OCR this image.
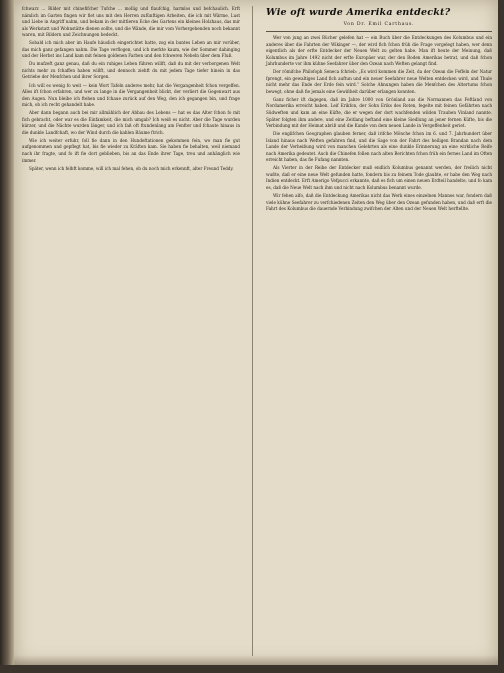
fchwarz … Bilder mit chinefifcher Tufche … mollig und flaufchig, harmlos und befchaulich. Erft nämlich im Garten fingen wir fiet uns mit den Herren zufünftigen Arbeiten, die ich mit Wärme, Lust und Liebe in Angriff nahm, und bekam in der mittleren Ecke des Gartens ein kleines Holzhaus, das mir als Werkstatt und Wohnstätte dienen sollte, und die Wände, die mir vom Vorhergehenden noch bekannt waren, mit Bildern und Zeichnungen bedeckt.

Sobald ich mich aber im Haufe häuslich eingerichtet hatte, zog ein buntes Leben an mir vorüber, das mich ganz gefangen nahm. Die Tage verflogen, und ich merkte kaum, wie der Sommer dahinging und der Herbst ins Land kam mit feinen goldenen Farben und den fchweren Nebeln über dem Fluß.

Du mufzeft ganz genau, daß du ein ruhiges Leben führen willft, daß du mit der verborgenen Welt nichts mehr zu fchaffen haben willft, und dennoch ziehft du mit jedem Tage tiefer hinein in das Getriebe der Menfchen und ihrer Sorgen.

Ich will es wenig fo weit — kein Wort Tafeln anderes mehr, hat die Vergangenheit fchon vergeffen. Alles ift fchon erfahren, und wer zu lange in die Vergangenheit blickt, der verliert die Gegenwart aus den Augen. Nun bleibe ich ftehen und fchaue zurück auf den Weg, den ich gegangen bin, und frage mich, ob ich recht gehandelt habe.

Aber dann begann auch bei mir allmählich der Abbau des Lebens — hat es das Alter fchon fo mit fich gebracht, oder war es die Einfamkeit, die mich umgab? Ich weiß es nicht. Aber die Tage wurden kürzer, und die Nächte wurden länger, und ich faß oft ftundenlang am Fenfter und fchaute hinaus in die dunkle Landfchaft, wo der Wind durch die kahlen Bäume ftrich.

Wie ich weiter erfuhr, foll fie dann in den Hundeftationen gekommen fein, wo man fie gut aufgenommen und gepflegt hat, bis fie wieder zu Kräften kam. Sie haben fie behalten, weil niemand nach ihr fragte, und fo ift fie dort geblieben, bis an das Ende ihrer Tage, treu und anhänglich wie immer.

Später, wenn ich felbft komme, will ich mal fehen, ob du noch mich erkennft, alter Freund Teddy.

Wie oft wurde Amerika entdeckt?
Von Dr. Emil Carthaus.

Wer von jung an zwei Bücher gelefen hat — ein Buch über die Entdeckungen des Kolumbus und ein anderes über die Fahrten der Wikinger —, der wird fich fchon früh die Frage vorgelegt haben, wer denn eigentlich als der erfte Entdecker der Neuen Welt zu gelten habe. Man ift heute der Meinung, daß Kolumbus im Jahre 1492 nicht der erfte Europäer war, der den Boden Amerikas betrat, und daß fchon Jahrhunderte vor ihm kühne Seefahrer über den Ozean nach Weften gelangt find.

Der römifche Philofoph Seneca fchrieb: „Es wird kommen die Zeit, da der Ozean die Feffeln der Natur fprengt, ein gewaltiges Land fich auftun und ein neuer Seefahrer neue Welten entdecken wird, und Thule nicht mehr das Ende der Erde fein wird.“ Solche Ahnungen haben die Menfchen des Altertums fchon bewegt, ohne daß fie jemals eine Gewißheit darüber erlangen konnten.

Ganz ficher ift dagegen, daß im Jahre 1000 von Grönland aus die Normannen das Feftland von Nordamerika erreicht haben. Leif Erikfon, der Sohn Eriks des Roten, fegelte mit feinen Gefährten nach Südweften und kam an eine Küfte, die er wegen der dort wachfenden wilden Trauben Vinland nannte. Später folgten ihm andere, und eine Zeitlang beftand eine kleine Siedlung an jener fernen Küfte, bis die Verbindung mit der Heimat abriß und die Kunde von dem neuen Lande in Vergeffenheit geriet.

Die englifchen Geographen glauben ferner, daß irifche Mönche fchon im 6. und 7. Jahrhundert über Island hinaus nach Weften gefahren find, und die Sage von der Fahrt des heiligen Brandan nach dem Lande der Verheißung wird von manchen Gelehrten als eine dunkle Erinnerung an eine wirkliche Reife nach Amerika gedeutet. Auch die Chinefen follen nach alten Berichten fchon früh ein fernes Land im Often erreicht haben, das fie Fufang nannten.

Als Vierter in der Reihe der Entdecker muß endlich Kolumbus genannt werden, der freilich nicht wußte, daß er eine neue Welt gefunden hatte, fondern bis zu feinem Tode glaubte, er habe den Weg nach Indien entdeckt. Erft Amerigo Vefpucci erkannte, daß es fich um einen neuen Erdteil handelte, und fo kam es, daß die Neue Welt nach ihm und nicht nach Kolumbus benannt wurde.

Wir fehen alfo, daß die Entdeckung Amerikas nicht das Werk eines einzelnen Mannes war, fondern daß viele kühne Seefahrer zu verfchiedenen Zeiten den Weg über den Ozean gefunden haben, und daß erft die Fahrt des Kolumbus die dauernde Verbindung zwifchen der Alten und der Neuen Welt herftellte.
